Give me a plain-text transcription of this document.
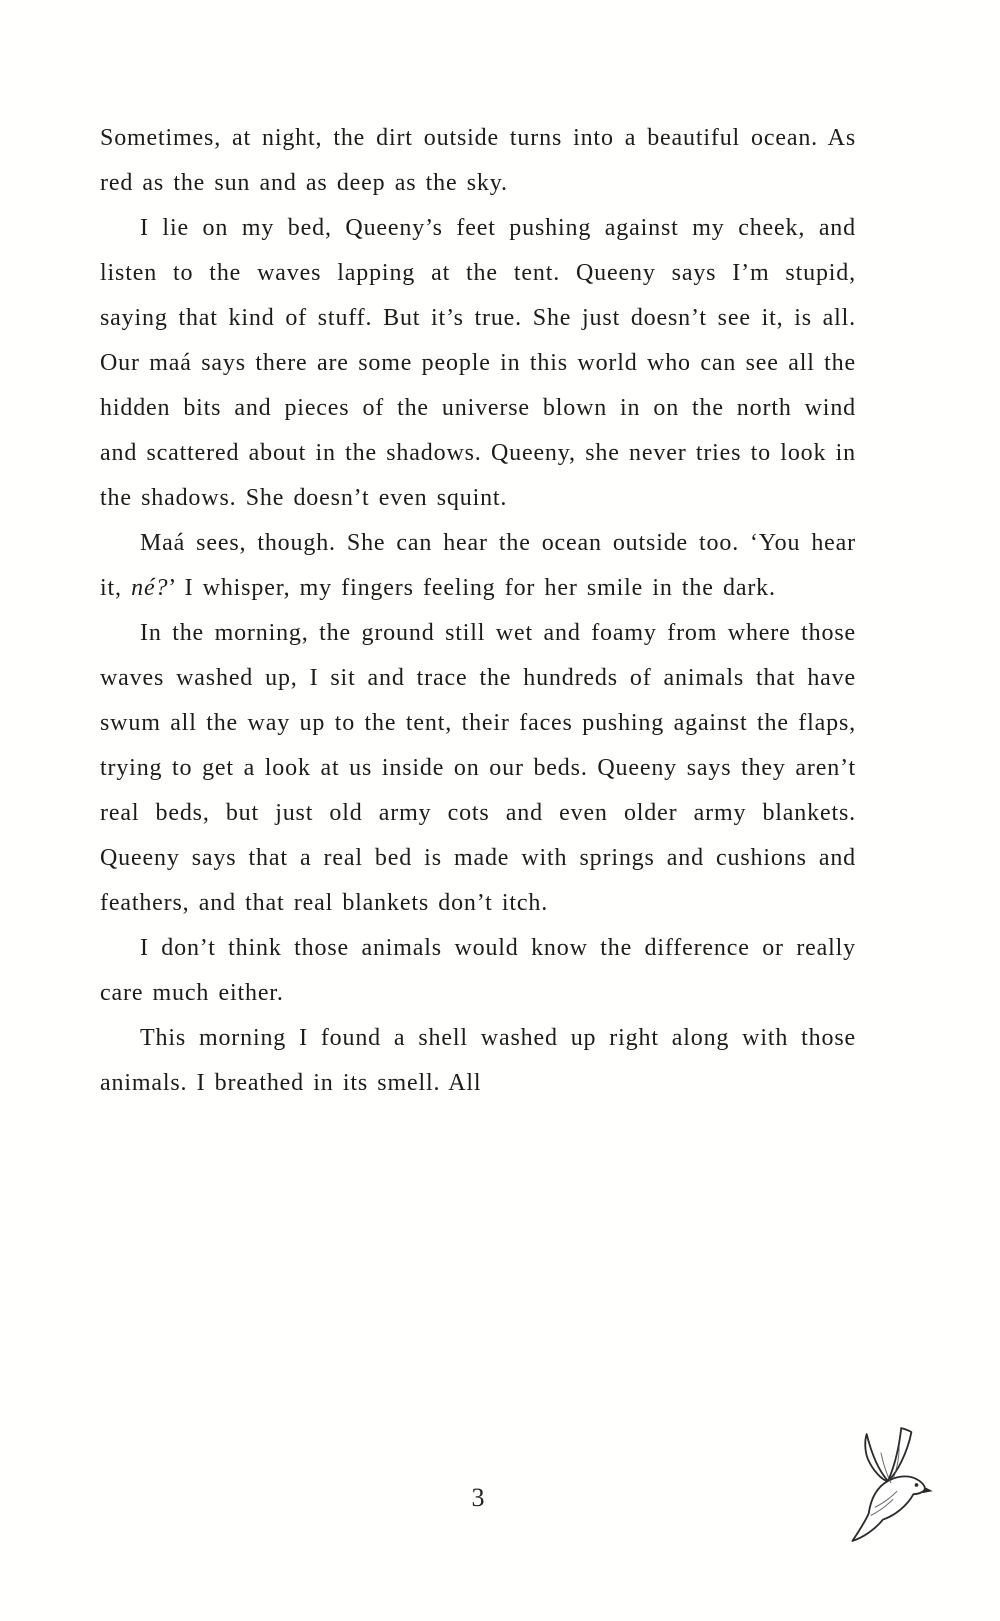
Sometimes, at night, the dirt outside turns into a beautiful ocean. As red as the sun and as deep as the sky.

I lie on my bed, Queeny’s feet pushing against my cheek, and listen to the waves lapping at the tent. Queeny says I’m stupid, saying that kind of stuff. But it’s true. She just doesn’t see it, is all. Our maá says there are some people in this world who can see all the hidden bits and pieces of the universe blown in on the north wind and scattered about in the shadows. Queeny, she never tries to look in the shadows. She doesn’t even squint.

Maá sees, though. She can hear the ocean outside too. ‘You hear it, né?’ I whisper, my fingers feeling for her smile in the dark.

In the morning, the ground still wet and foamy from where those waves washed up, I sit and trace the hundreds of animals that have swum all the way up to the tent, their faces pushing against the flaps, trying to get a look at us inside on our beds. Queeny says they aren’t real beds, but just old army cots and even older army blankets. Queeny says that a real bed is made with springs and cushions and feathers, and that real blankets don’t itch.

I don’t think those animals would know the difference or really care much either.

This morning I found a shell washed up right along with those animals. I breathed in its smell. All

3
